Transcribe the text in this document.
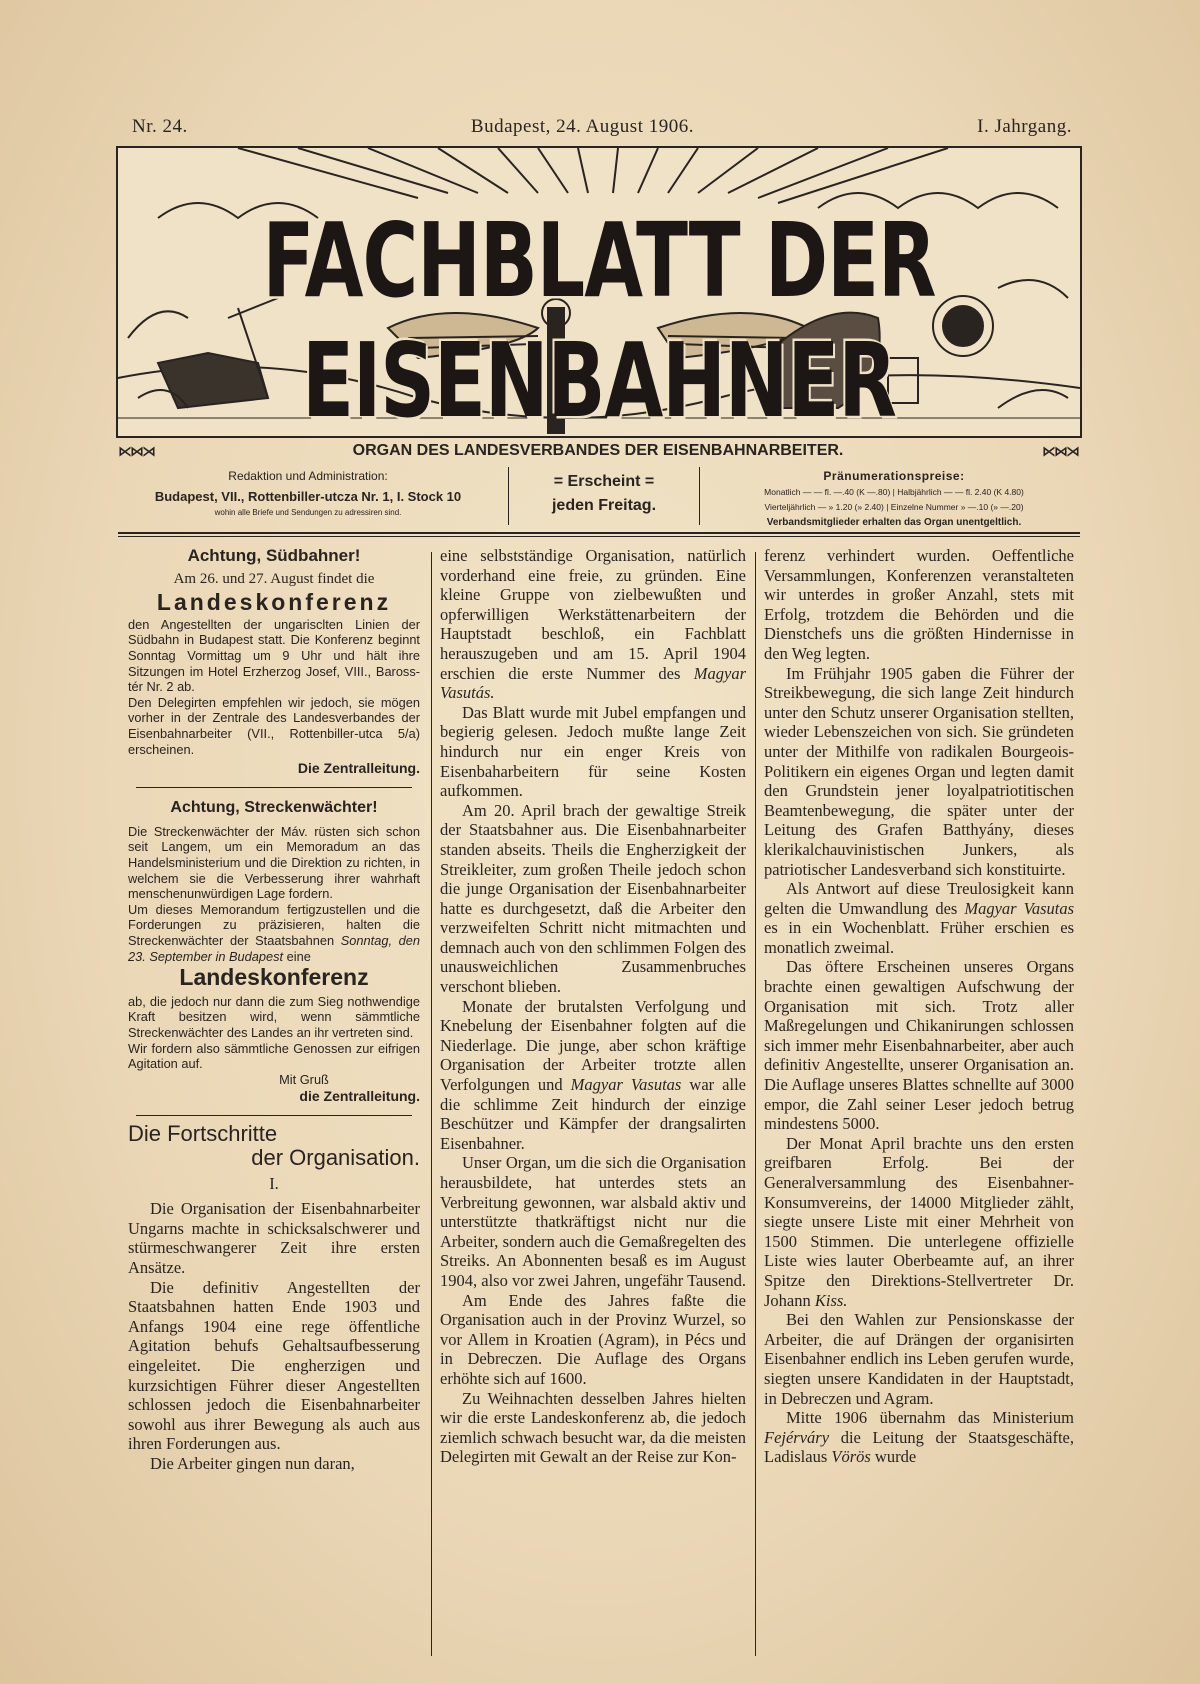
Nr. 24.	Budapest, 24. August 1906.	I. Jahrgang.
FACHBLATT DER EISENBAHNER
⋉⋈⋊	ORGAN DES LANDESVERBANDES DER EISENBAHNARBEITER.	⋉⋈⋊
Redaktion und Administration:
Budapest, VII., Rottenbiller-utcza Nr. 1, I. Stock 10
wohin alle Briefe und Sendungen zu adressiren sind.
= Erscheint =
jeden Freitag.
Pränumerationspreise:
Monatlich — — fl. —.40 (K —.80) | Halbjährlich — — fl. 2.40 (K 4.80)
Vierteljährlich — » 1.20 (» 2.40) | Einzelne Nummer » —.10 (» —.20)
Verbandsmitglieder erhalten das Organ unentgeltlich.
Achtung, Südbahner!
Am 26. und 27. August findet die
Landeskonferenz

den Angestellten der ungarisclten Linien der Südbahn in Budapest statt. Die Konferenz beginnt Sonntag Vormittag um 9 Uhr und hält ihre Sitzungen im Hotel Erzherzog Josef, VIII., Baross-tér Nr. 2 ab.

Den Delegirten empfehlen wir jedoch, sie mögen vorher in der Zentrale des Landesverbandes der Eisenbahnarbeiter (VII., Rottenbiller-utca 5/a) erscheinen.

Die Zentralleitung.
Achtung, Streckenwächter!

Die Streckenwächter der Máv. rüsten sich schon seit Langem, um ein Memoradum an das Handelsministerium und die Direktion zu richten, in welchem sie die Verbesserung ihrer wahrhaft menschenunwürdigen Lage fordern.

Um dieses Memorandum fertigzustellen und die Forderungen zu präzisieren, halten die Streckenwächter der Staatsbahnen Sonntag, den 23. September in Budapest eine

Landeskonferenz

ab, die jedoch nur dann die zum Sieg nothwendige Kraft besitzen wird, wenn sämmtliche Streckenwächter des Landes an ihr vertreten sind.

Wir fordern also sämmtliche Genossen zur eifrigen Agitation auf.

Mit Gruß

die Zentralleitung.
Die Fortschritte
der Organisation.
I.

Die Organisation der Eisenbahnarbeiter Ungarns machte in schicksalschwerer und stürmeschwangerer Zeit ihre ersten Ansätze.

Die definitiv Angestellten der Staatsbahnen hatten Ende 1903 und Anfangs 1904 eine rege öffentliche Agitation behufs Gehaltsaufbesserung eingeleitet. Die engherzigen und kurzsichtigen Führer dieser Angestellten schlossen jedoch die Eisenbahnarbeiter sowohl aus ihrer Bewegung als auch aus ihren Forderungen aus.

Die Arbeiter gingen nun daran,

eine selbstständige Organisation, natürlich vorderhand eine freie, zu gründen. Eine kleine Gruppe von zielbewußten und opferwilligen Werkstättenarbeitern der Hauptstadt beschloß, ein Fachblatt herauszugeben und am 15. April 1904 erschien die erste Nummer des Magyar Vasutás.

Das Blatt wurde mit Jubel empfangen und begierig gelesen. Jedoch mußte lange Zeit hindurch nur ein enger Kreis von Eisenbaharbeitern für seine Kosten aufkommen.

Am 20. April brach der gewaltige Streik der Staatsbahner aus. Die Eisenbahnarbeiter standen abseits. Theils die Engherzigkeit der Streikleiter, zum großen Theile jedoch schon die junge Organisation der Eisenbahnarbeiter hatte es durchgesetzt, daß die Arbeiter den verzweifelten Schritt nicht mitmachten und demnach auch von den schlimmen Folgen des unausweichlichen Zusammenbruches verschont blieben.

Monate der brutalsten Verfolgung und Knebelung der Eisenbahner folgten auf die Niederlage. Die junge, aber schon kräftige Organisation der Arbeiter trotzte allen Verfolgungen und Magyar Vasutas war alle die schlimme Zeit hindurch der einzige Beschützer und Kämpfer der drangsalirten Eisenbahner.

Unser Organ, um die sich die Organisation herausbildete, hat unterdes stets an Verbreitung gewonnen, war alsbald aktiv und unterstützte thatkräftigst nicht nur die Arbeiter, sondern auch die Gemaßregelten des Streiks. An Abonnenten besaß es im August 1904, also vor zwei Jahren, ungefähr Tausend.

Am Ende des Jahres faßte die Organisation auch in der Provinz Wurzel, so vor Allem in Kroatien (Agram), in Pécs und in Debreczen. Die Auflage des Organs erhöhte sich auf 1600.

Zu Weihnachten desselben Jahres hielten wir die erste Landeskonferenz ab, die jedoch ziemlich schwach besucht war, da die meisten Delegirten mit Gewalt an der Reise zur Kon-

ferenz verhindert wurden. Oeffentliche Versammlungen, Konferenzen veranstalteten wir unterdes in großer Anzahl, stets mit Erfolg, trotzdem die Behörden und die Dienstchefs uns die größten Hindernisse in den Weg legten.

Im Frühjahr 1905 gaben die Führer der Streikbewegung, die sich lange Zeit hindurch unter den Schutz unserer Organisation stellten, wieder Lebenszeichen von sich. Sie gründeten unter der Mithilfe von radikalen Bourgeois-Politikern ein eigenes Organ und legten damit den Grundstein jener loyalpatriotitischen Beamtenbewegung, die später unter der Leitung des Grafen Batthyány, dieses klerikalchauvinistischen Junkers, als patriotischer Landesverband sich konstituirte.

Als Antwort auf diese Treulosigkeit kann gelten die Umwandlung des Magyar Vasutas es in ein Wochenblatt. Früher erschien es monatlich zweimal.

Das öftere Erscheinen unseres Organs brachte einen gewaltigen Aufschwung der Organisation mit sich. Trotz aller Maßregelungen und Chikanirungen schlossen sich immer mehr Eisenbahnarbeiter, aber auch definitiv Angestellte, unserer Organisation an. Die Auflage unseres Blattes schnellte auf 3000 empor, die Zahl seiner Leser jedoch betrug mindestens 5000.

Der Monat April brachte uns den ersten greifbaren Erfolg. Bei der Generalversammlung des Eisenbahner-Konsumvereins, der 14000 Mitglieder zählt, siegte unsere Liste mit einer Mehrheit von 1500 Stimmen. Die unterlegene offizielle Liste wies lauter Oberbeamte auf, an ihrer Spitze den Direktions-Stellvertreter Dr. Johann Kiss.

Bei den Wahlen zur Pensionskasse der Arbeiter, die auf Drängen der organisirten Eisenbahner endlich ins Leben gerufen wurde, siegten unsere Kandidaten in der Hauptstadt, in Debreczen und Agram.

Mitte 1906 übernahm das Ministerium Fejérváry die Leitung der Staatsgeschäfte, Ladislaus Vörös wurde
